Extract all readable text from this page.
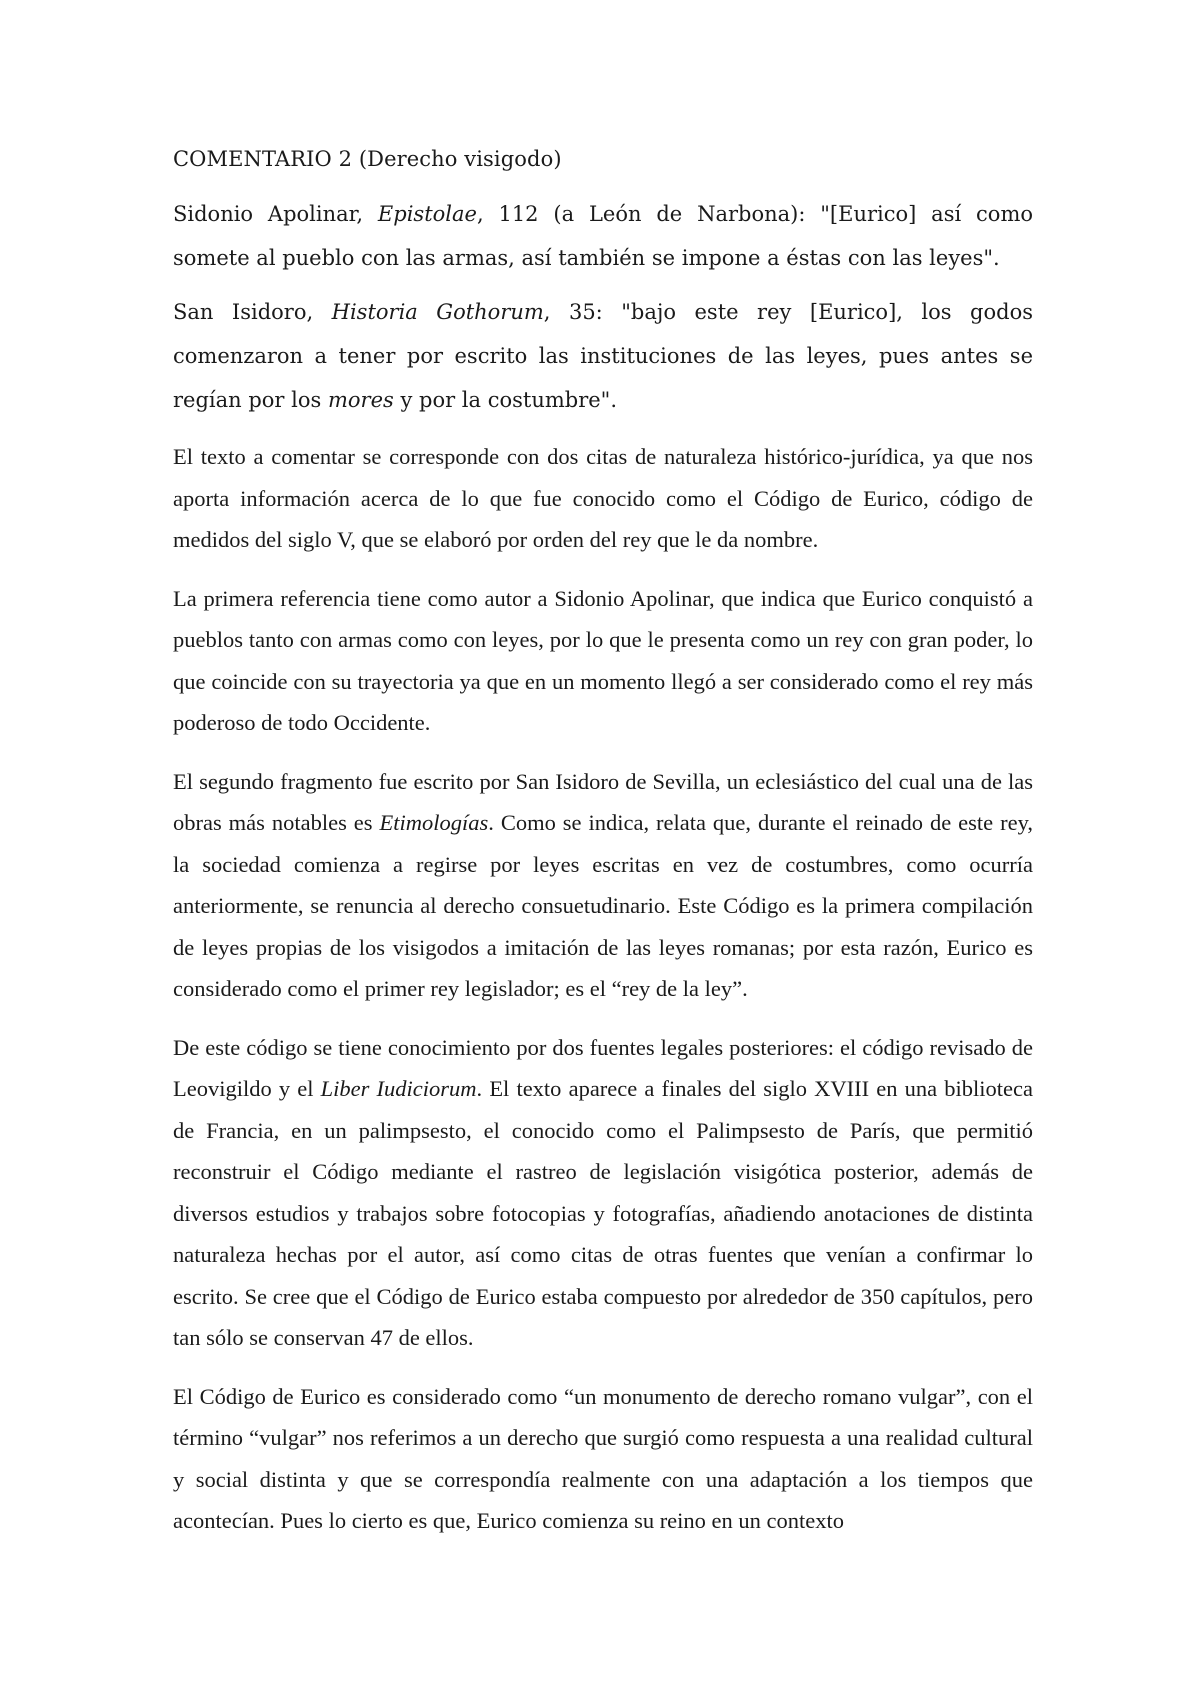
COMENTARIO 2 (Derecho visigodo)

Sidonio Apolinar, Epistolae, 112 (a León de Narbona): "[Eurico] así como somete al pueblo con las armas, así también se impone a éstas con las leyes".

San Isidoro, Historia Gothorum, 35: "bajo este rey [Eurico], los godos comenzaron a tener por escrito las instituciones de las leyes, pues antes se regían por los mores y por la costumbre".

El texto a comentar se corresponde con dos citas de naturaleza histórico-jurídica, ya que nos aporta información acerca de lo que fue conocido como el Código de Eurico, código de medidos del siglo V, que se elaboró por orden del rey que le da nombre.

La primera referencia tiene como autor a Sidonio Apolinar, que indica que Eurico conquistó a pueblos tanto con armas como con leyes, por lo que le presenta como un rey con gran poder, lo que coincide con su trayectoria ya que en un momento llegó a ser considerado como el rey más poderoso de todo Occidente.

El segundo fragmento fue escrito por San Isidoro de Sevilla, un eclesiástico del cual una de las obras más notables es Etimologías. Como se indica, relata que, durante el reinado de este rey, la sociedad comienza a regirse por leyes escritas en vez de costumbres, como ocurría anteriormente, se renuncia al derecho consuetudinario. Este Código es la primera compilación de leyes propias de los visigodos a imitación de las leyes romanas; por esta razón, Eurico es considerado como el primer rey legislador; es el “rey de la ley”.

De este código se tiene conocimiento por dos fuentes legales posteriores: el código revisado de Leovigildo y el Liber Iudiciorum. El texto aparece a finales del siglo XVIII en una biblioteca de Francia, en un palimpsesto, el conocido como el Palimpsesto de París, que permitió reconstruir el Código mediante el rastreo de legislación visigótica posterior, además de diversos estudios y trabajos sobre fotocopias y fotografías, añadiendo anotaciones de distinta naturaleza hechas por el autor, así como citas de otras fuentes que venían a confirmar lo escrito. Se cree que el Código de Eurico estaba compuesto por alrededor de 350 capítulos, pero tan sólo se conservan 47 de ellos.

El Código de Eurico es considerado como “un monumento de derecho romano vulgar”, con el término “vulgar” nos referimos a un derecho que surgió como respuesta a una realidad cultural y social distinta y que se correspondía realmente con una adaptación a los tiempos que acontecían. Pues lo cierto es que, Eurico comienza su reino en un contexto
